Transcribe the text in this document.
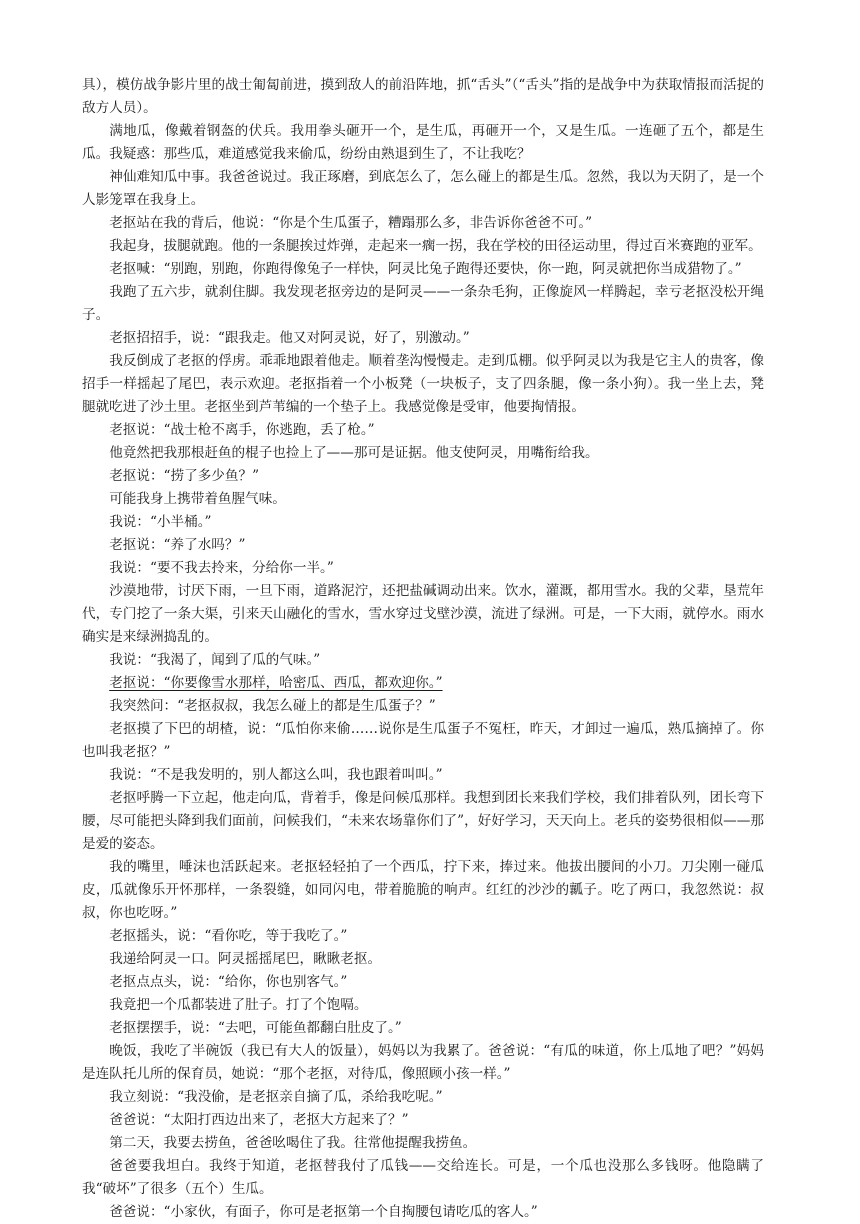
具），模仿战争影片里的战士匍匐前进，摸到敌人的前沿阵地，抓“舌头”（“舌头”指的是战争中为获取情报而活捉的敌方人员）。

满地瓜，像戴着钢盔的伏兵。我用拳头砸开一个，是生瓜，再砸开一个，又是生瓜。一连砸了五个，都是生瓜。我疑惑：那些瓜，难道感觉我来偷瓜，纷纷由熟退到生了，不让我吃？

神仙难知瓜中事。我爸爸说过。我正琢磨，到底怎么了，怎么碰上的都是生瓜。忽然，我以为天阴了，是一个人影笼罩在我身上。

老抠站在我的背后，他说：“你是个生瓜蛋子，糟蹋那么多，非告诉你爸爸不可。”

我起身，拔腿就跑。他的一条腿挨过炸弹，走起来一瘸一拐，我在学校的田径运动里，得过百米赛跑的亚军。

老抠喊：“别跑，别跑，你跑得像兔子一样快，阿灵比兔子跑得还要快，你一跑，阿灵就把你当成猎物了。”

我跑了五六步，就刹住脚。我发现老抠旁边的是阿灵——一条杂毛狗，正像旋风一样腾起，幸亏老抠没松开绳子。

老抠招招手，说：“跟我走。他又对阿灵说，好了，别激动。”

我反倒成了老抠的俘虏。乖乖地跟着他走。顺着垄沟慢慢走。走到瓜棚。似乎阿灵以为我是它主人的贵客，像招手一样摇起了尾巴，表示欢迎。老抠指着一个小板凳（一块板子，支了四条腿，像一条小狗）。我一坐上去，凳腿就吃进了沙土里。老抠坐到芦苇编的一个垫子上。我感觉像是受审，他要掏情报。

老抠说：“战士枪不离手，你逃跑，丢了枪。”

他竟然把我那根赶鱼的棍子也捡上了——那可是证据。他支使阿灵，用嘴衔给我。

老抠说：“捞了多少鱼？”

可能我身上携带着鱼腥气味。

我说：“小半桶。”

老抠说：“养了水吗？”

我说：“要不我去拎来，分给你一半。”

沙漠地带，讨厌下雨，一旦下雨，道路泥泞，还把盐碱调动出来。饮水，灌溉，都用雪水。我的父辈，垦荒年代，专门挖了一条大渠，引来天山融化的雪水，雪水穿过戈壁沙漠，流进了绿洲。可是，一下大雨，就停水。雨水确实是来绿洲捣乱的。

我说：“我渴了，闻到了瓜的气味。”

老抠说：“你要像雪水那样，哈密瓜、西瓜，都欢迎你。”

我突然问：“老抠叔叔，我怎么碰上的都是生瓜蛋子？”

老抠摸了下巴的胡楂，说：“瓜怕你来偷……说你是生瓜蛋子不冤枉，昨天，才卸过一遍瓜，熟瓜摘掉了。你也叫我老抠？”

我说：“不是我发明的，别人都这么叫，我也跟着叫叫。”

老抠呼腾一下立起，他走向瓜，背着手，像是问候瓜那样。我想到团长来我们学校，我们排着队列，团长弯下腰，尽可能把头降到我们面前，问候我们，“未来农场靠你们了”，好好学习，天天向上。老兵的姿势很相似——那是爱的姿态。

我的嘴里，唾沫也活跃起来。老抠轻轻拍了一个西瓜，拧下来，捧过来。他拔出腰间的小刀。刀尖刚一碰瓜皮，瓜就像乐开怀那样，一条裂缝，如同闪电，带着脆脆的响声。红红的沙沙的瓤子。吃了两口，我忽然说：叔叔，你也吃呀。”

老抠摇头，说：“看你吃，等于我吃了。”

我递给阿灵一口。阿灵摇摇尾巴，瞅瞅老抠。

老抠点点头，说：“给你，你也别客气。”

我竟把一个瓜都装进了肚子。打了个饱嗝。

老抠摆摆手，说：“去吧，可能鱼都翻白肚皮了。”

晚饭，我吃了半碗饭（我已有大人的饭量），妈妈以为我累了。爸爸说：“有瓜的味道，你上瓜地了吧？”妈妈是连队托儿所的保育员，她说：“那个老抠，对待瓜，像照顾小孩一样。”

我立刻说：“我没偷，是老抠亲自摘了瓜，杀给我吃呢。”

爸爸说：“太阳打西边出来了，老抠大方起来了？”

第二天，我要去捞鱼，爸爸吆喝住了我。往常他提醒我捞鱼。

爸爸要我坦白。我终于知道，老抠替我付了瓜钱——交给连长。可是，一个瓜也没那么多钱呀。他隐瞒了我“破坏”了很多（五个）生瓜。

爸爸说：“小家伙，有面子，你可是老抠第一个自掏腰包请吃瓜的客人。”
